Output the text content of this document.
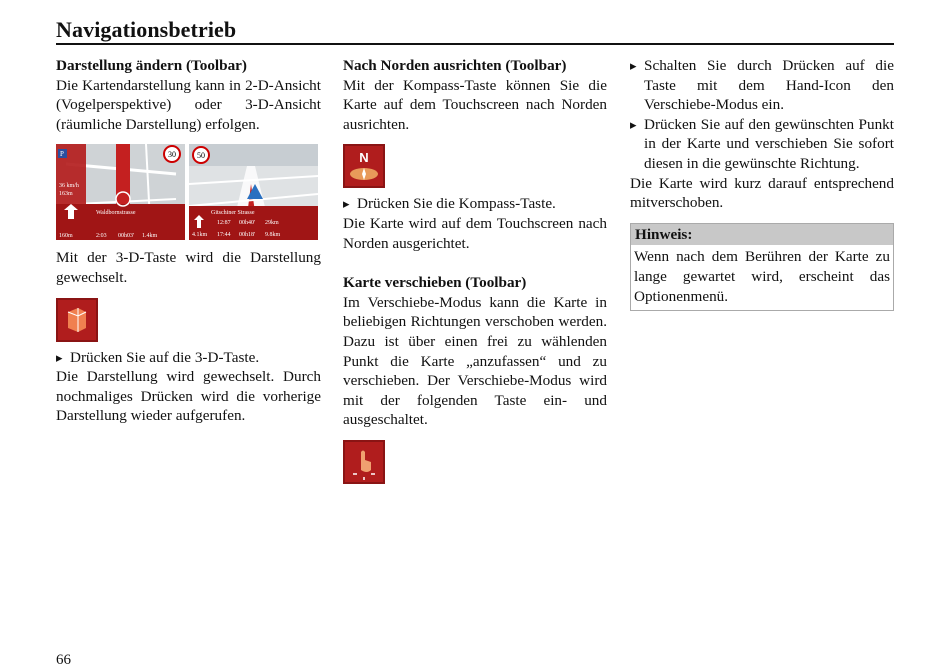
Navigationsbetrieb

Darstellung ändern (Toolbar)

Die Kartendarstellung kann in 2-D-Ansicht (Vogelperspektive) oder 3-D-Ansicht (räumliche Darstellung) erfolgen.

30
P
36 km/h
163m
Waldbornstrasse
160m	2:03 00h03' 1.4km
50
Gitschiner Strasse
12:87 00h40' 29km
4.1km 17:44 00h18' 9.8km

Mit der 3-D-Taste wird die Darstellung gewechselt.

▸ Drücken Sie auf die 3-D-Taste.

Die Darstellung wird gewechselt. Durch nochmaliges Drücken wird die vorherige Darstellung wieder aufgerufen.

Nach Norden ausrichten (Toolbar)

Mit der Kompass-Taste können Sie die Karte auf dem Touchscreen nach Norden ausrichten.

N

▸ Drücken Sie die Kompass-Taste.

Die Karte wird auf dem Touchscreen nach Norden ausgerichtet.

Karte verschieben (Toolbar)

Im Verschiebe-Modus kann die Karte in beliebigen Richtungen verschoben werden. Dazu ist über einen frei zu wählenden Punkt die Karte „anzufassen“ und zu verschieben. Der Verschiebe-Modus wird mit der folgenden Taste ein- und ausgeschaltet.

▸ Schalten Sie durch Drücken auf die Taste mit dem Hand-Icon den Verschiebe-Modus ein.

▸ Drücken Sie auf den gewünschten Punkt in der Karte und verschieben Sie sofort diesen in die gewünschte Richtung.

Die Karte wird kurz darauf entsprechend mitverschoben.

Hinweis:
Wenn nach dem Berühren der Karte zu lange gewartet wird, erscheint das Optionenmenü.
66
